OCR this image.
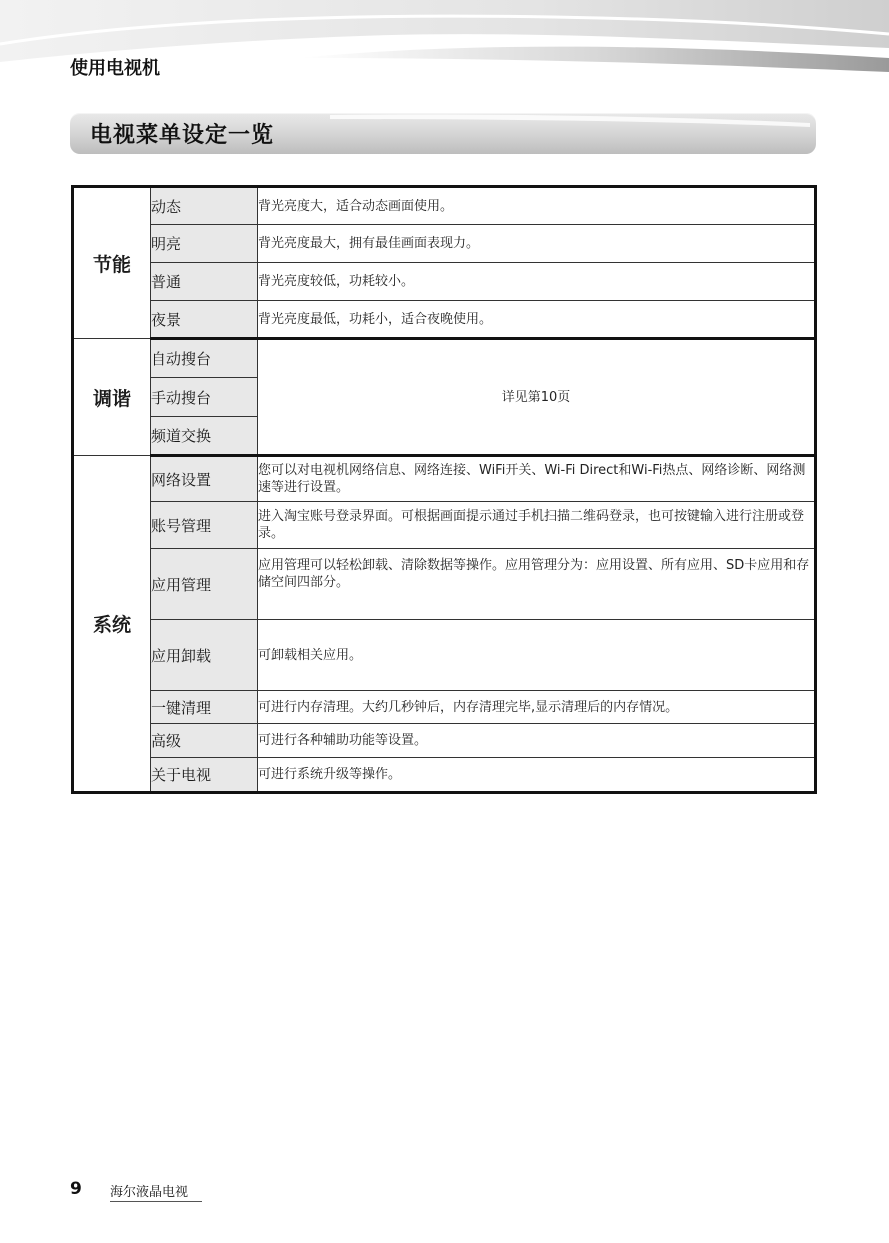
使用电视机
电视菜单设定一览
节能	动态	背光亮度大，适合动态画面使用。
	明亮	背光亮度最大，拥有最佳画面表现力。
	普通	背光亮度较低，功耗较小。
	夜景	背光亮度最低，功耗小，适合夜晚使用。
调谐	自动搜台	详见第10页
	手动搜台	
	频道交换	
系统	网络设置	您可以对电视机网络信息、网络连接、WiFi开关、Wi-Fi Direct和Wi-Fi热点、网络诊断、网络测速等进行设置。
	账号管理	进入淘宝账号登录界面。可根据画面提示通过手机扫描二维码登录，也可按键输入进行注册或登录。
	应用管理	应用管理可以轻松卸载、清除数据等操作。应用管理分为：应用设置、所有应用、SD卡应用和存储空间四部分。
	应用卸载	可卸载相关应用。
	一键清理	可进行内存清理。大约几秒钟后，内存清理完毕,显示清理后的内存情况。
	高级	可进行各种辅助功能等设置。
	关于电视	可进行系统升级等操作。
9 海尔液晶电视
